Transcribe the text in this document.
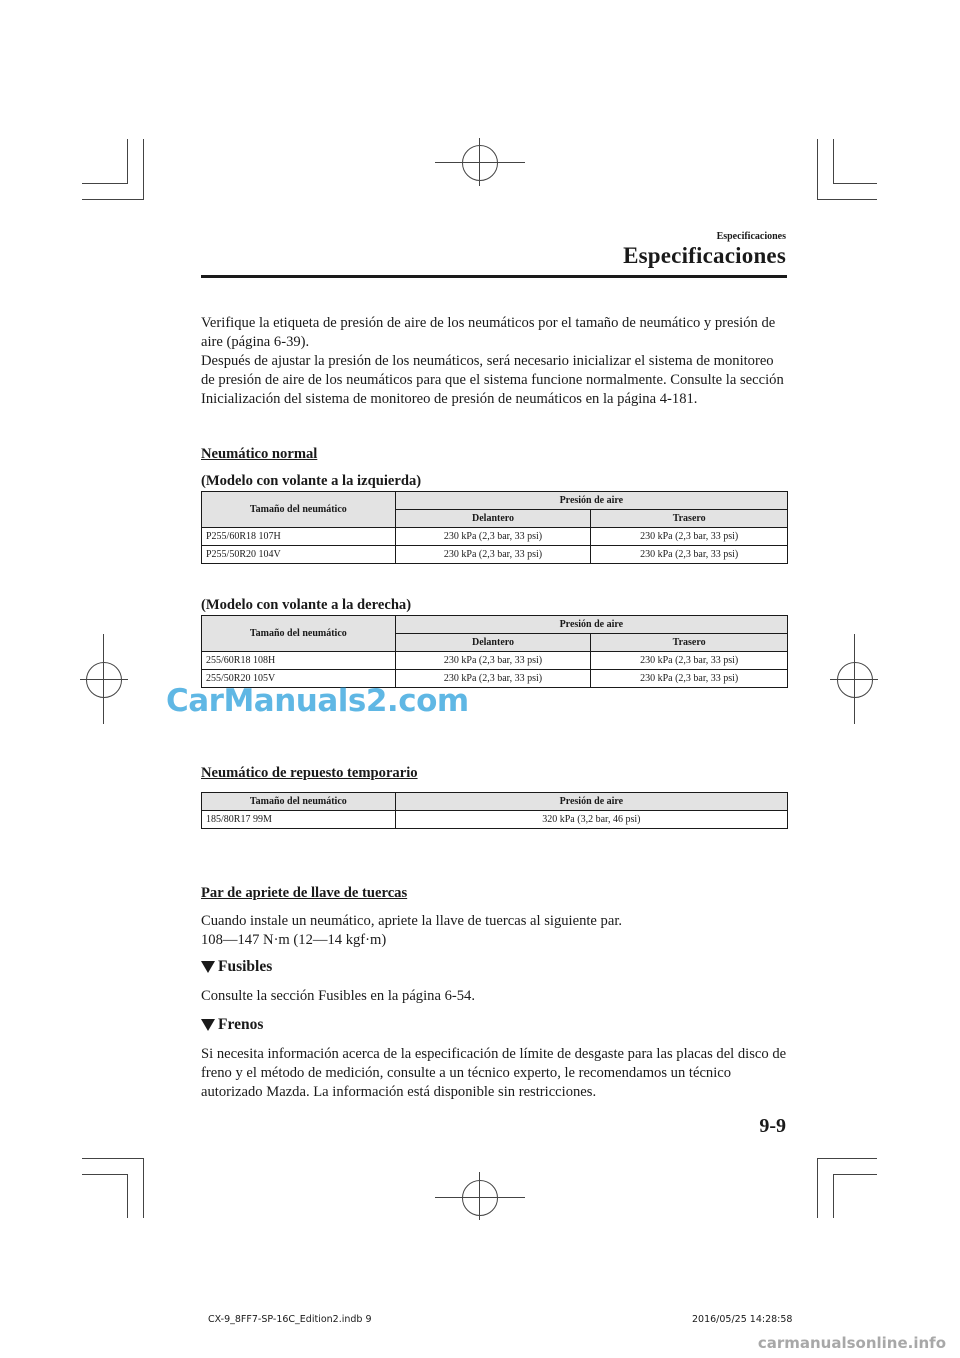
Especificaciones
Especificaciones
Verifique la etiqueta de presión de aire de los neumáticos por el tamaño de neumático y presión de aire (página 6-39).
Después de ajustar la presión de los neumáticos, será necesario inicializar el sistema de monitoreo de presión de aire de los neumáticos para que el sistema funcione normalmente. Consulte la sección Inicialización del sistema de monitoreo de presión de neumáticos en la página 4-181.
Neumático normal
(Modelo con volante a la izquierda)
Tamaño del neumático	Presión de aire	
	Delantero	Trasero
P255/60R18 107H	230 kPa (2,3 bar, 33 psi)	230 kPa (2,3 bar, 33 psi)
P255/50R20 104V	230 kPa (2,3 bar, 33 psi)	230 kPa (2,3 bar, 33 psi)
(Modelo con volante a la derecha)
Tamaño del neumático	Presión de aire	
	Delantero	Trasero
255/60R18 108H	230 kPa (2,3 bar, 33 psi)	230 kPa (2,3 bar, 33 psi)
255/50R20 105V	230 kPa (2,3 bar, 33 psi)	230 kPa (2,3 bar, 33 psi)
CarManuals2.com
Neumático de repuesto temporario
Tamaño del neumático	Presión de aire
185/80R17 99M	320 kPa (3,2 bar, 46 psi)
Par de apriete de llave de tuercas
Cuando instale un neumático, apriete la llave de tuercas al siguiente par.
108—147 N·m (12—14 kgf·m)
Fusibles
Consulte la sección Fusibles en la página 6-54.
Frenos
Si necesita información acerca de la especificación de límite de desgaste para las placas del disco de freno y el método de medición, consulte a un técnico experto, le recomendamos un técnico autorizado Mazda. La información está disponible sin restricciones.
9-9
CX-9_8FF7-SP-16C_Edition2.indb 9	2016/05/25 14:28:58
carmanualsonline.info
